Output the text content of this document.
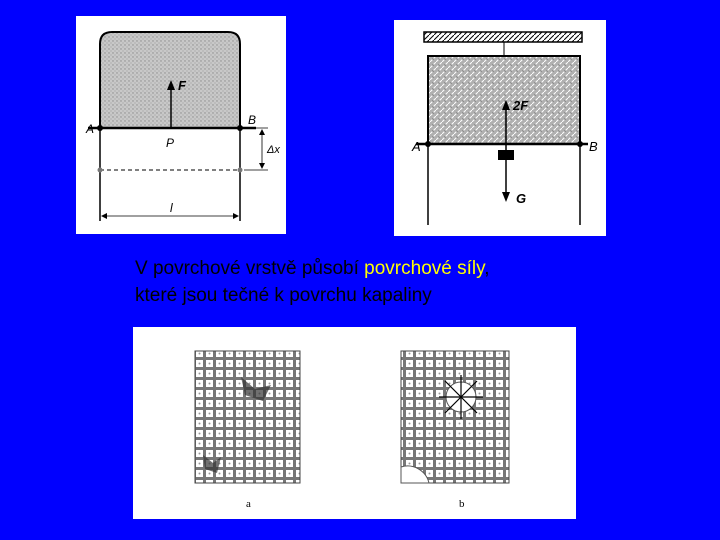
A
B
F
P	Δx
l
2F
A	B
G
V povrchové vrstvě působí povrchové síly,
které jsou tečné k povrchu kapaliny
a	b
